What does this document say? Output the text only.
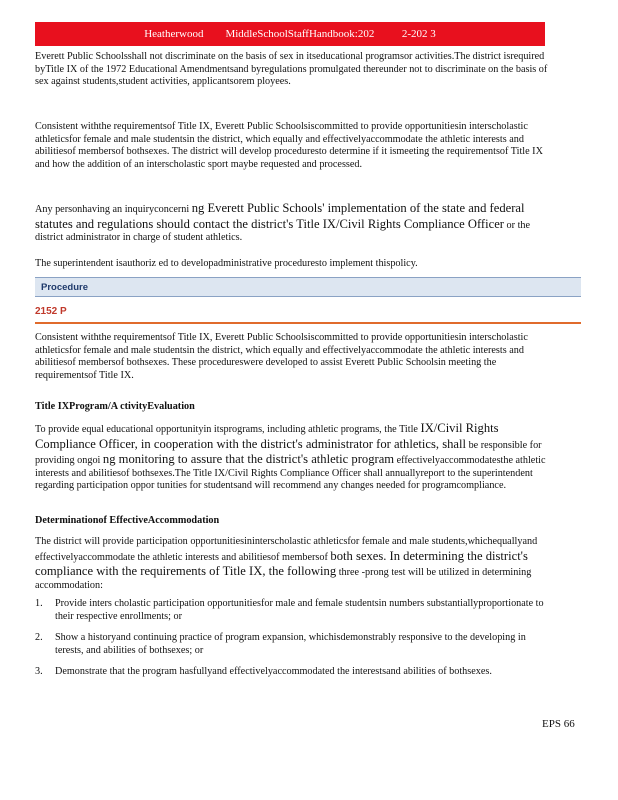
Heatherwood        MiddleSchoolStaffHandbook:202          2-202 3
Everett Public Schoolsshall not discriminate on the basis of sex in itseducational programsor activities.The district isrequired byTitle IX of the 1972 Educational Amendmentsand byregulations promulgated thereunder not to discriminate on the basis of sex against students,student activities, applicantsorem ployees.
Consistent withthe requirementsof Title IX, Everett Public Schoolsiscommitted to provide opportunitiesin interscholastic athleticsfor female and male studentsin the district, which equally and effectivelyaccommodate the athletic interests and abilitiesof membersof bothsexes. The district will develop proceduresto determine if it ismeeting the requirementsof Title IX and how the addition of an interscholastic sport maybe requested and processed.
Any personhaving an inquiryconcerni ng Everett Public Schools' implementation of the state and federal statutes and regulations should contact the district's Title IX/Civil Rights Compliance Officer or the district administrator in charge of student athletics.
The superintendent isauthoriz ed to developadministrative proceduresto implement thispolicy.
Procedure
2152 P
Consistent withthe requirementsof Title IX, Everett Public Schoolsiscommitted to provide opportunitiesin interscholastic athleticsfor female and male studentsin the district, which equally and effectivelyaccommodate the athletic interests and abilitiesof membersof bothsexes. These procedureswere developed to assist Everett Public Schoolsin meeting the requirementsof Title IX.
Title IXProgram/A ctivityEvaluation
To provide equal educational opportunityin itsprograms, including athletic programs, the Title IX/Civil Rights Compliance Officer, in cooperation with the district's administrator for athletics, shall be responsible for providing ongoi ng monitoring to assure that the district's athletic program effectivelyaccommodatesthe athletic interests and abilitiesof bothsexes.The Title IX/Civil Rights Compliance Officer shall annuallyreport to the superintendent regarding participation oppor tunities for studentsand will recommend any changes needed for programcompliance.
Determinationof EffectiveAccommodation
The district will provide participation opportunitiesininterscholastic athleticsfor female and male students,whichequallyand effectivelyaccommodate the athletic interests and abilitiesof membersof both sexes. In determining the district's compliance with the requirements of Title IX, the following three -prong test will be utilized in determining accommodation:
1. Provide inters cholastic participation opportunitiesfor male and female studentsin numbers substantiallyproportionate to their respective enrollments; or
2. Show a historyand continuing practice of program expansion, whichisdemonstrably responsive to the developing in terests, and abilities of bothsexes; or
3. Demonstrate that the program hasfullyand effectivelyaccommodated the interestsand abilities of bothsexes.
EPS 66
